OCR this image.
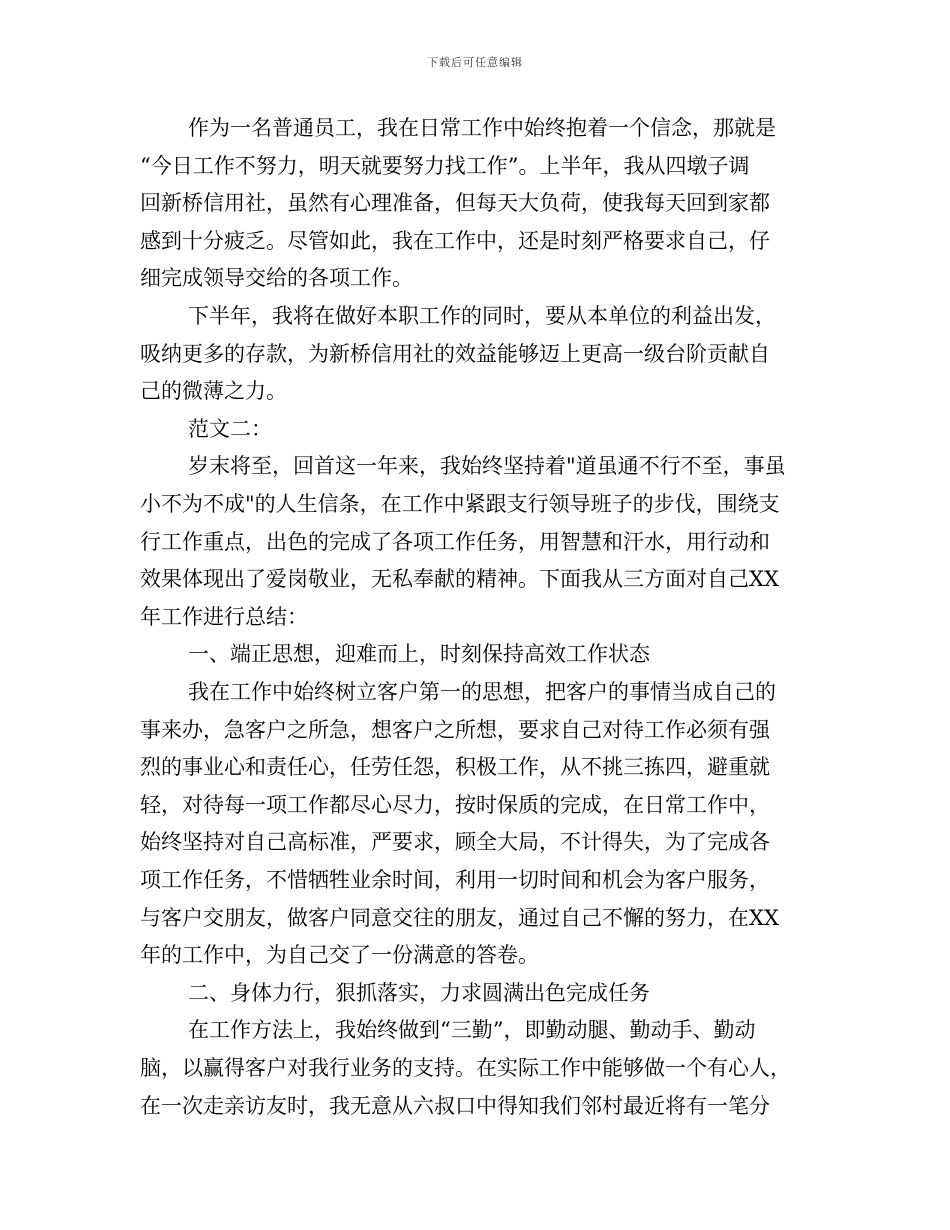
下载后可任意编辑
作为一名普通员工，我在日常工作中始终抱着一个信念，那就是
“今日工作不努力，明天就要努力找工作”。上半年，我从四墩子调
回新桥信用社，虽然有心理准备，但每天大负荷，使我每天回到家都
感到十分疲乏。尽管如此，我在工作中，还是时刻严格要求自己，仔
细完成领导交给的各项工作。
下半年，我将在做好本职工作的同时，要从本单位的利益出发，
吸纳更多的存款，为新桥信用社的效益能够迈上更高一级台阶贡献自
己的微薄之力。
范文二：
岁末将至，回首这一年来，我始终坚持着"道虽通不行不至，事虽
小不为不成"的人生信条，在工作中紧跟支行领导班子的步伐，围绕支
行工作重点，出色的完成了各项工作任务，用智慧和汗水，用行动和
效果体现出了爱岗敬业，无私奉献的精神。下面我从三方面对自己XX
年工作进行总结：
一、端正思想，迎难而上，时刻保持高效工作状态
我在工作中始终树立客户第一的思想，把客户的事情当成自己的
事来办，急客户之所急，想客户之所想，要求自己对待工作必须有强
烈的事业心和责任心，任劳任怨，积极工作，从不挑三拣四，避重就
轻，对待每一项工作都尽心尽力，按时保质的完成，在日常工作中，
始终坚持对自己高标准，严要求，顾全大局，不计得失，为了完成各
项工作任务，不惜牺牲业余时间，利用一切时间和机会为客户服务，
与客户交朋友，做客户同意交往的朋友，通过自己不懈的努力，在XX
年的工作中，为自己交了一份满意的答卷。
二、身体力行，狠抓落实，力求圆满出色完成任务
在工作方法上，我始终做到“三勤”，即勤动腿、勤动手、勤动
脑，以赢得客户对我行业务的支持。在实际工作中能够做一个有心人，
在一次走亲访友时，我无意从六叔口中得知我们邻村最近将有一笔分
